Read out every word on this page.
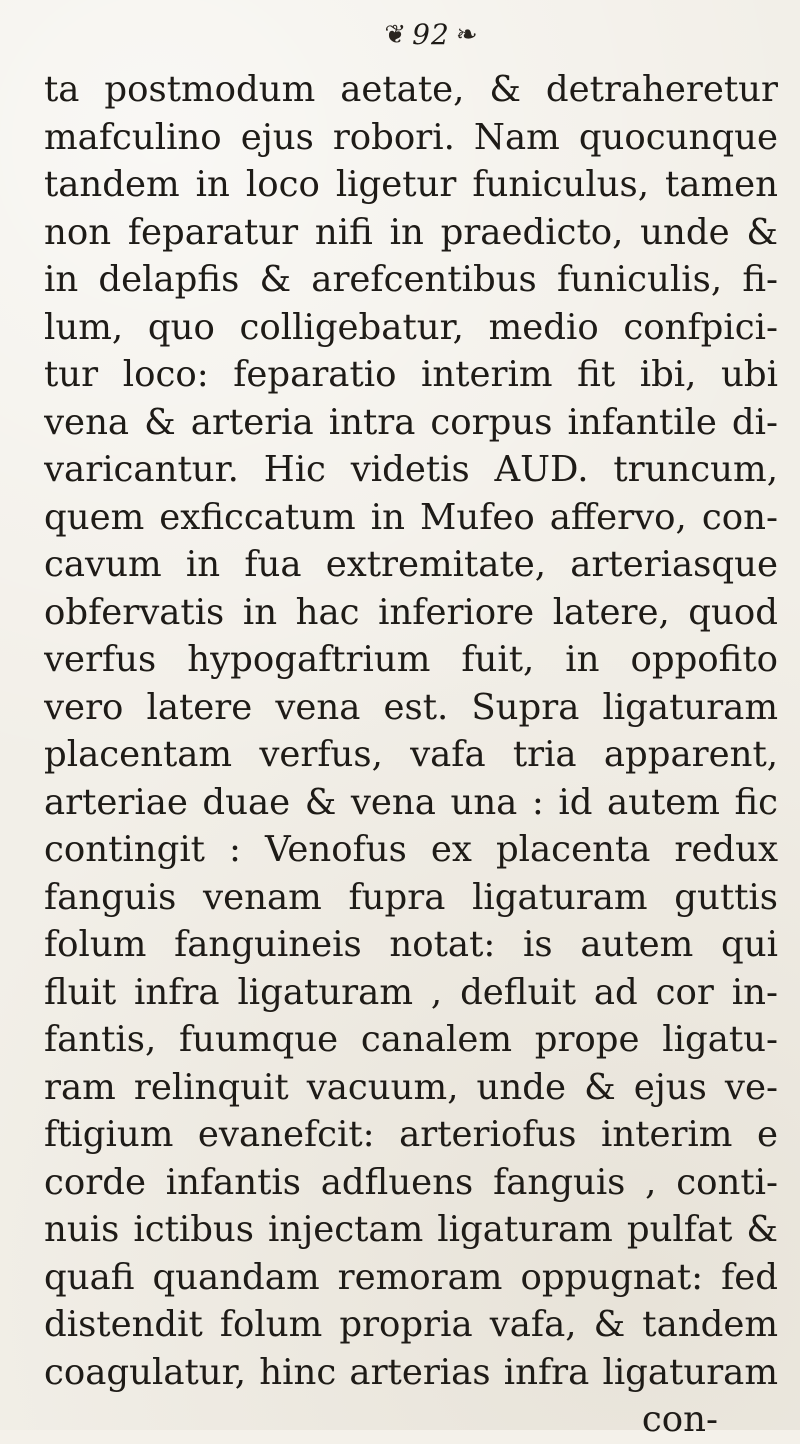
❦ 92 ❧
ta postmodum aetate, & detraheretur
mafculino ejus robori. Nam quocunque
tandem in loco ligetur funiculus, tamen
non feparatur nifi in praedicto, unde &
in delapfis & arefcentibus funiculis, fi-
lum, quo colligebatur, medio confpici-
tur loco: feparatio interim fit ibi, ubi
vena & arteria intra corpus infantile di-
varicantur. Hic videtis AUD. truncum,
quem exficcatum in Mufeo affervo, con-
cavum in fua extremitate, arteriasque
obfervatis in hac inferiore latere, quod
verfus hypogaftrium fuit, in oppofito
vero latere vena est. Supra ligaturam
placentam verfus, vafa tria apparent,
arteriae duae & vena una : id autem fic
contingit : Venofus ex placenta redux
fanguis venam fupra ligaturam guttis
folum fanguineis notat: is autem qui
fluit infra ligaturam , defluit ad cor in-
fantis, fuumque canalem prope ligatu-
ram relinquit vacuum, unde & ejus ve-
ftigium evanefcit: arteriofus interim e
corde infantis adfluens fanguis , conti-
nuis ictibus injectam ligaturam pulfat &
quafi quandam remoram oppugnat: fed
distendit folum propria vafa, & tandem
coagulatur, hinc arterias infra ligaturam
con-
